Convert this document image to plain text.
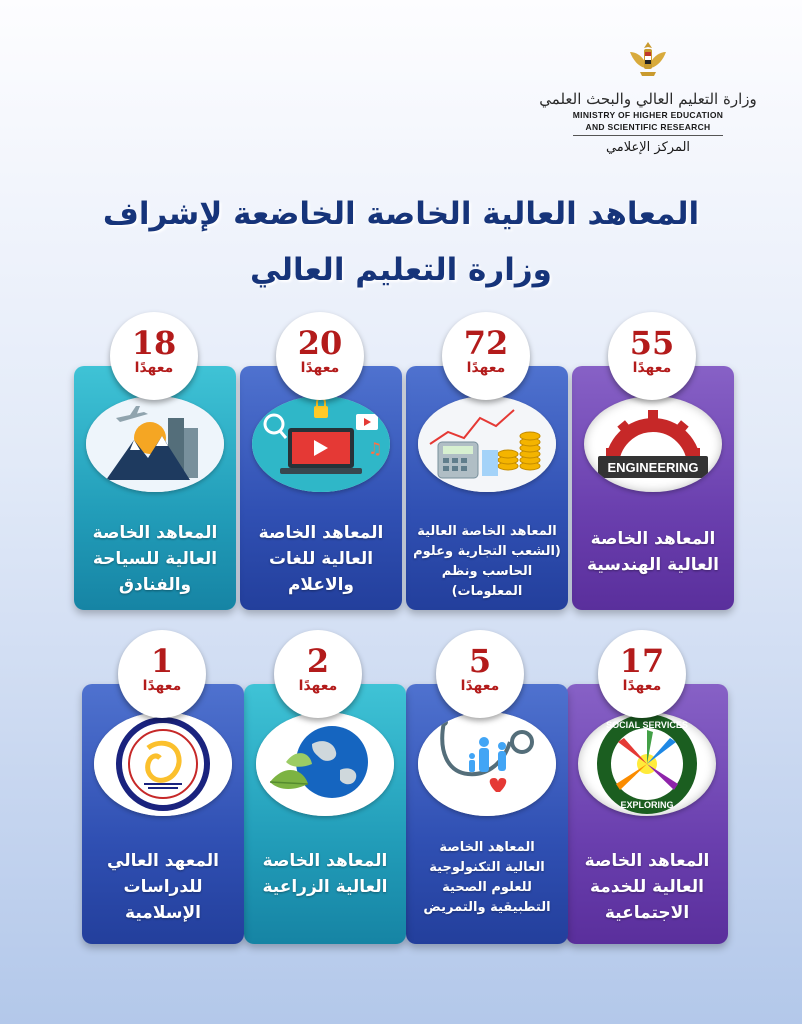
وزارة التعليم العالي والبحث العلمي
MINISTRY OF HIGHER EDUCATION
AND SCIENTIFIC RESEARCH
المركز الإعلامي
المعاهد العالية الخاصة الخاضعة لإشراف
وزارة التعليم العالي
ENGINEERING
المعاهد الخاصة
العالية الهندسية
55
معهدًا
المعاهد الخاصة العالية
(الشعب التجارية وعلوم
الحاسب ونظم المعلومات)
72
معهدًا
♫
المعاهد الخاصة
العالية للغات
والاعلام
20
معهدًا
المعاهد الخاصة
العالية للسياحة
والفنادق
18
معهدًا
SOCIAL SERVICES
EXPLORING
المعاهد الخاصة
العالية للخدمة
الاجتماعية
17
معهدًا
المعاهد الخاصة
العالية التكنولوجية
للعلوم الصحية
التطبيقية والتمريض
5
معهدًا
المعاهد الخاصة
العالية الزراعية
2
معهدًا
المعهد العالي
للدراسات الإسلامية
1
معهدًا
